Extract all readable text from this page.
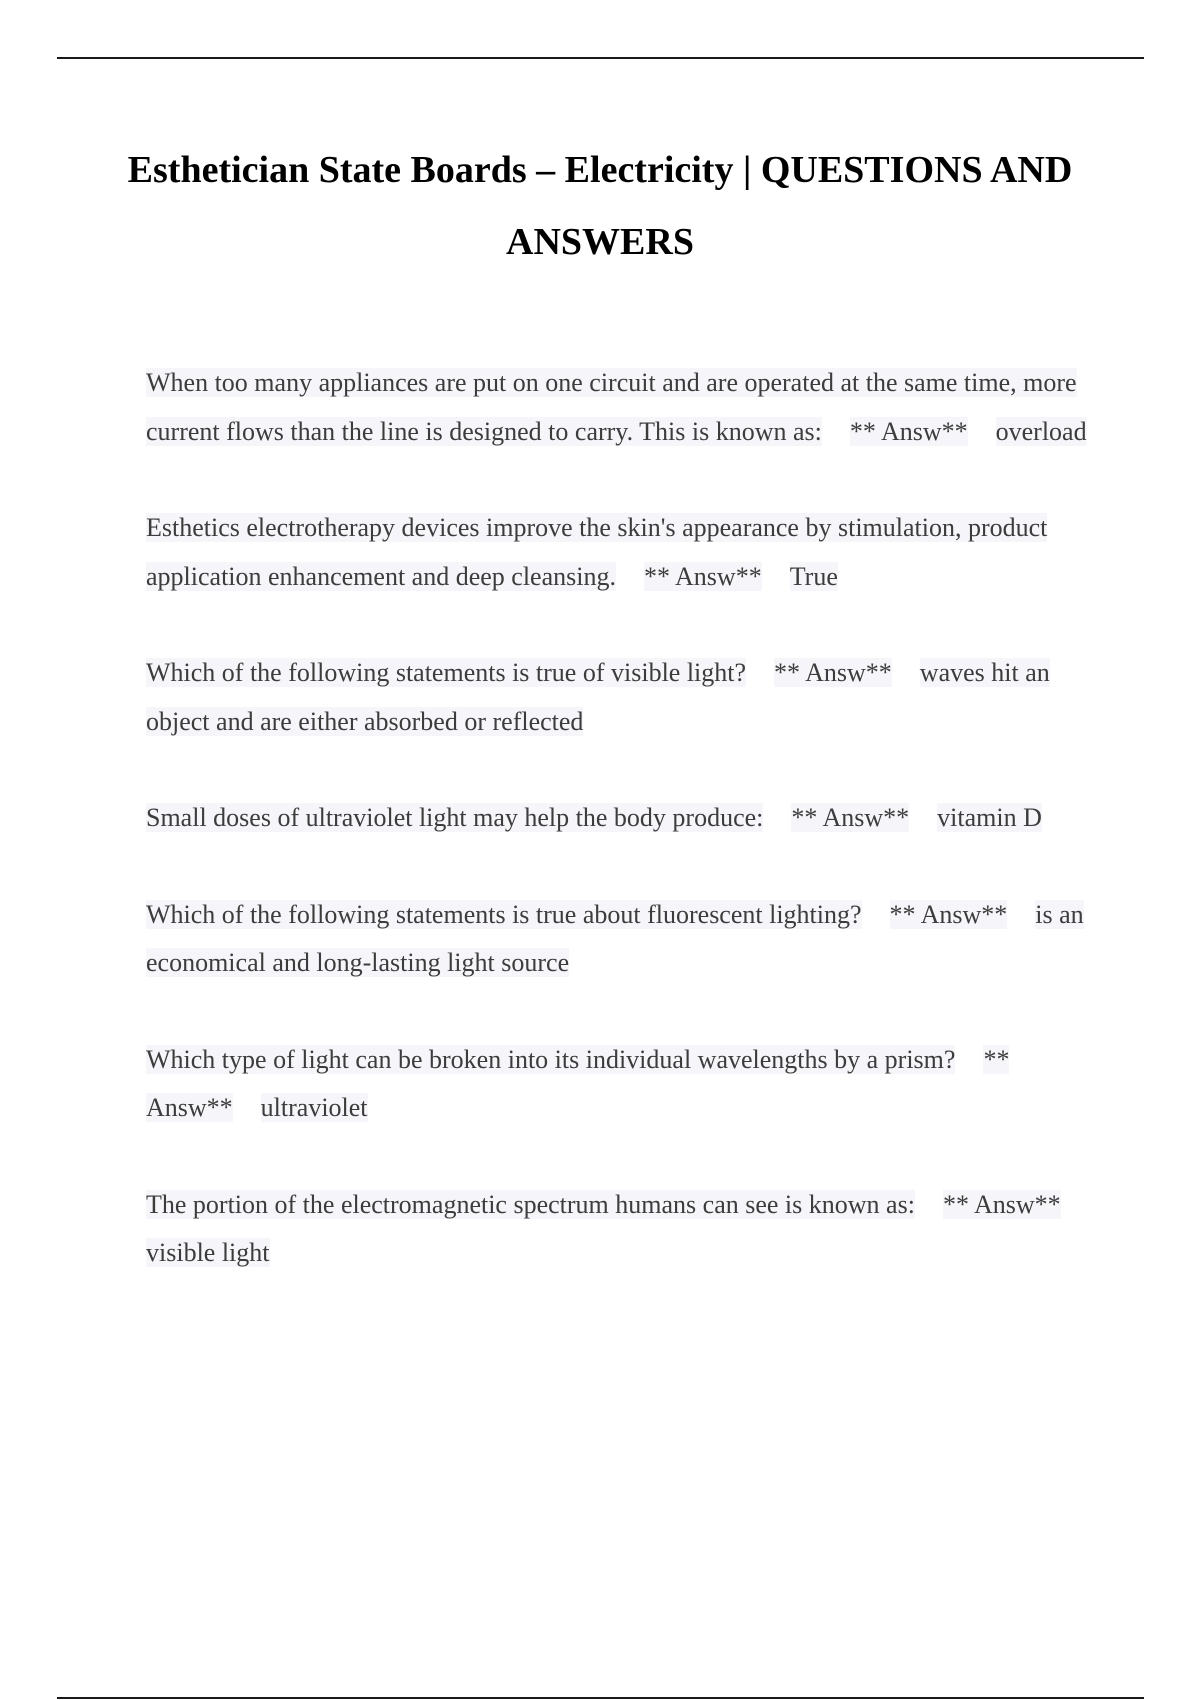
Esthetician State Boards – Electricity | QUESTIONS AND ANSWERS

When too many appliances are put on one circuit and are operated at the same time, more current flows than the line is designed to carry. This is known as: ** Answ** overload

Esthetics electrotherapy devices improve the skin's appearance by stimulation, product application enhancement and deep cleansing. ** Answ** True

Which of the following statements is true of visible light? ** Answ** waves hit an object and are either absorbed or reflected

Small doses of ultraviolet light may help the body produce: ** Answ** vitamin D

Which of the following statements is true about fluorescent lighting? ** Answ** is an economical and long-lasting light source

Which type of light can be broken into its individual wavelengths by a prism? ** Answ** ultraviolet

The portion of the electromagnetic spectrum humans can see is known as: ** Answ**visible light
